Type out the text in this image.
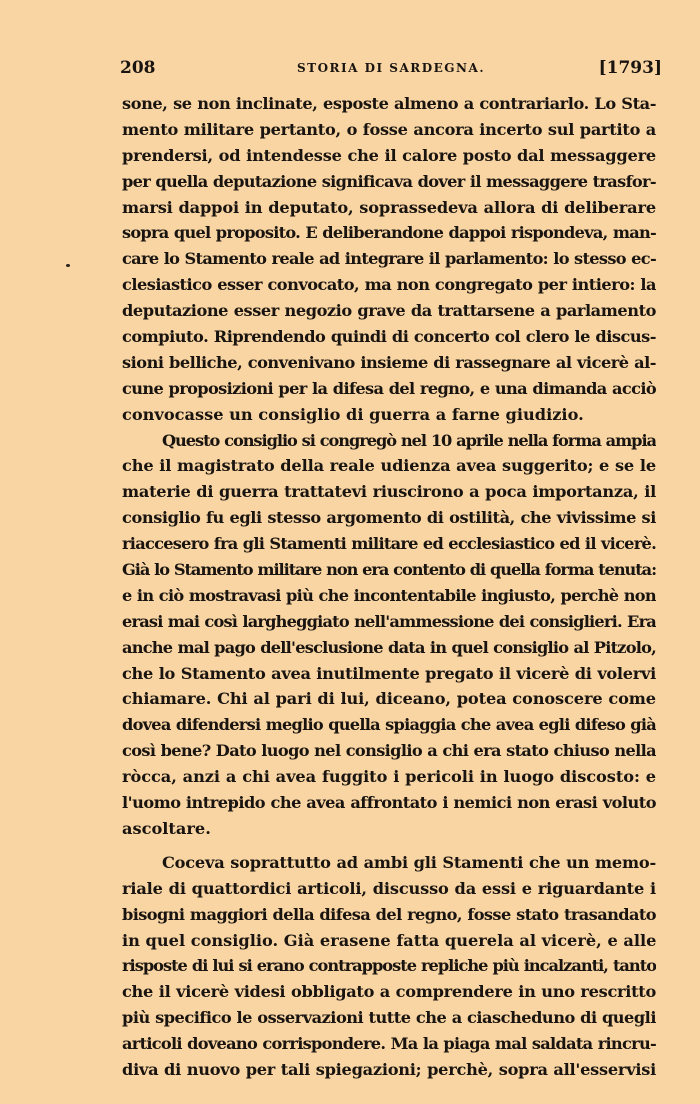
208	STORIA DI SARDEGNA.	[1793]
sone, se non inclinate, esposte almeno a contrariarlo. Lo Sta-
mento militare pertanto, o fosse ancora incerto sul partito a
prendersi, od intendesse che il calore posto dal messaggere
per quella deputazione significava dover il messaggere trasfor-
marsi dappoi in deputato, soprassedeva allora di deliberare
sopra quel proposito. E deliberandone dappoi rispondeva, man-
care lo Stamento reale ad integrare il parlamento: lo stesso ec-
clesiastico esser convocato, ma non congregato per intiero: la
deputazione esser negozio grave da trattarsene a parlamento
compiuto. Riprendendo quindi di concerto col clero le discus-
sioni belliche, convenivano insieme di rassegnare al vicerè al-
cune proposizioni per la difesa del regno, e una dimanda acciò
convocasse un consiglio di guerra a farne giudizio.
Questo consiglio si congregò nel 10 aprile nella forma ampia
che il magistrato della reale udienza avea suggerito; e se le
materie di guerra trattatevi riuscirono a poca importanza, il
consiglio fu egli stesso argomento di ostilità, che vivissime si
riaccesero fra gli Stamenti militare ed ecclesiastico ed il vicerè.
Già lo Stamento militare non era contento di quella forma tenuta:
e in ciò mostravasi più che incontentabile ingiusto, perchè non
erasi mai così largheggiato nell'ammessione dei consiglieri. Era
anche mal pago dell'esclusione data in quel consiglio al Pitzolo,
che lo Stamento avea inutilmente pregato il vicerè di volervi
chiamare. Chi al pari di lui, diceano, potea conoscere come
dovea difendersi meglio quella spiaggia che avea egli difeso già
così bene? Dato luogo nel consiglio a chi era stato chiuso nella
ròcca, anzi a chi avea fuggito i pericoli in luogo discosto: e
l'uomo intrepido che avea affrontato i nemici non erasi voluto
ascoltare.
Coceva soprattutto ad ambi gli Stamenti che un memo-
riale di quattordici articoli, discusso da essi e riguardante i
bisogni maggiori della difesa del regno, fosse stato trasandato
in quel consiglio. Già erasene fatta querela al vicerè, e alle
risposte di lui si erano contrapposte repliche più incalzanti, tanto
che il vicerè videsi obbligato a comprendere in uno rescritto
più specifico le osservazioni tutte che a ciascheduno di quegli
articoli doveano corrispondere. Ma la piaga mal saldata rincru-
diva di nuovo per tali spiegazioni; perchè, sopra all'esservisi
